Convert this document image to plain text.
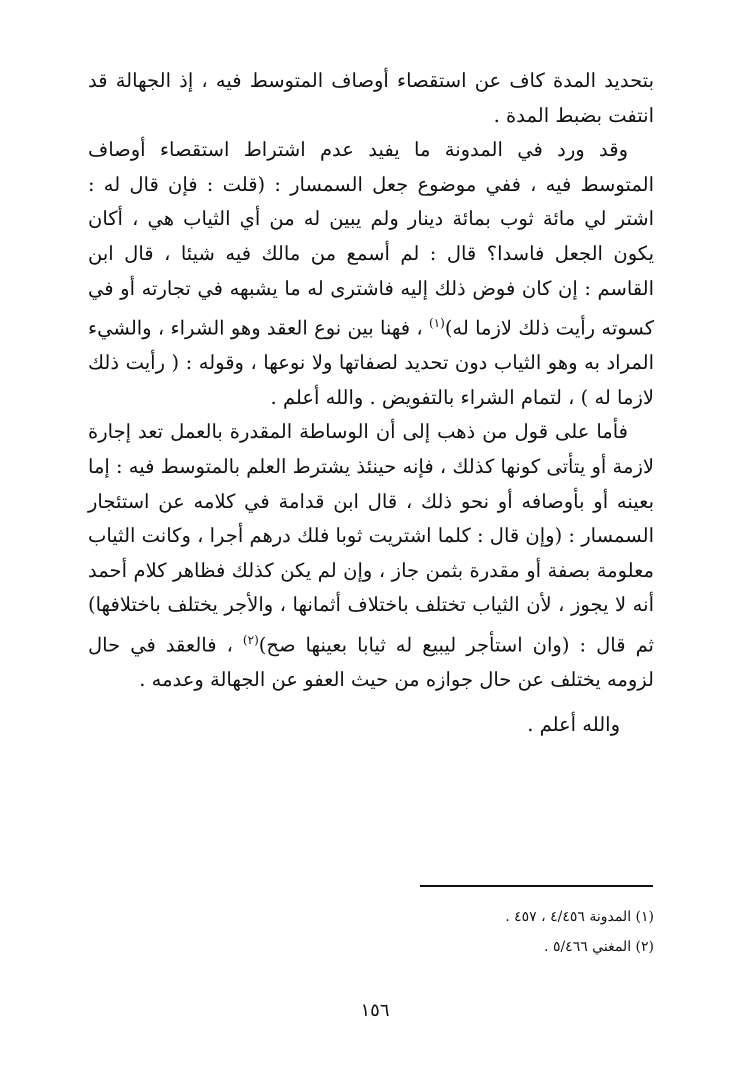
بتحديد المدة كاف عن استقصاء أوصاف المتوسط فيه ، إذ الجهالة قد انتفت بضبط المدة .

وقد ورد في المدونة ما يفيد عدم اشتراط استقصاء أوصاف المتوسط فيه ، ففي موضوع جعل السمسار : (قلت : فإن قال له : اشتر لي مائة ثوب بمائة دينار ولم يبين له من أي الثياب هي ، أكان يكون الجعل فاسدا؟ قال : لم أسمع من مالك فيه شيئا ، قال ابن القاسم : إن كان فوض ذلك إليه فاشترى له ما يشبهه في تجارته أو في كسوته رأيت ذلك لازما له)$^{(١)}$ ، فهنا بين نوع العقد وهو الشراء ، والشيء المراد به وهو الثياب دون تحديد لصفاتها ولا نوعها ، وقوله : ( رأيت ذلك لازما له ) ، لتمام الشراء بالتفويض . والله أعلم .

فأما على قول من ذهب إلى أن الوساطة المقدرة بالعمل تعد إجارة لازمة أو يتأتى كونها كذلك ، فإنه حينئذ يشترط العلم بالمتوسط فيه : إما بعينه أو بأوصافه أو نحو ذلك ، قال ابن قدامة في كلامه عن استئجار السمسار : (وإن قال : كلما اشتريت ثوبا فلك درهم أجرا ، وكانت الثياب معلومة بصفة أو مقدرة بثمن جاز ، وإن لم يكن كذلك فظاهر كلام أحمد أنه لا يجوز ، لأن الثياب تختلف باختلاف أثمانها ، والأجر يختلف باختلافها) ثم قال : (وان استأجر ليبيع له ثيابا بعينها صح)$^{(٢)}$ ، فالعقد في حال لزومه يختلف عن حال جوازه من حيث العفو عن الجهالة وعدمه .

والله أعلم .

(١) المدونة ٤/٤٥٦ ، ٤٥٧ .

(٢) المغني ٥/٤٦٦ .

١٥٦
